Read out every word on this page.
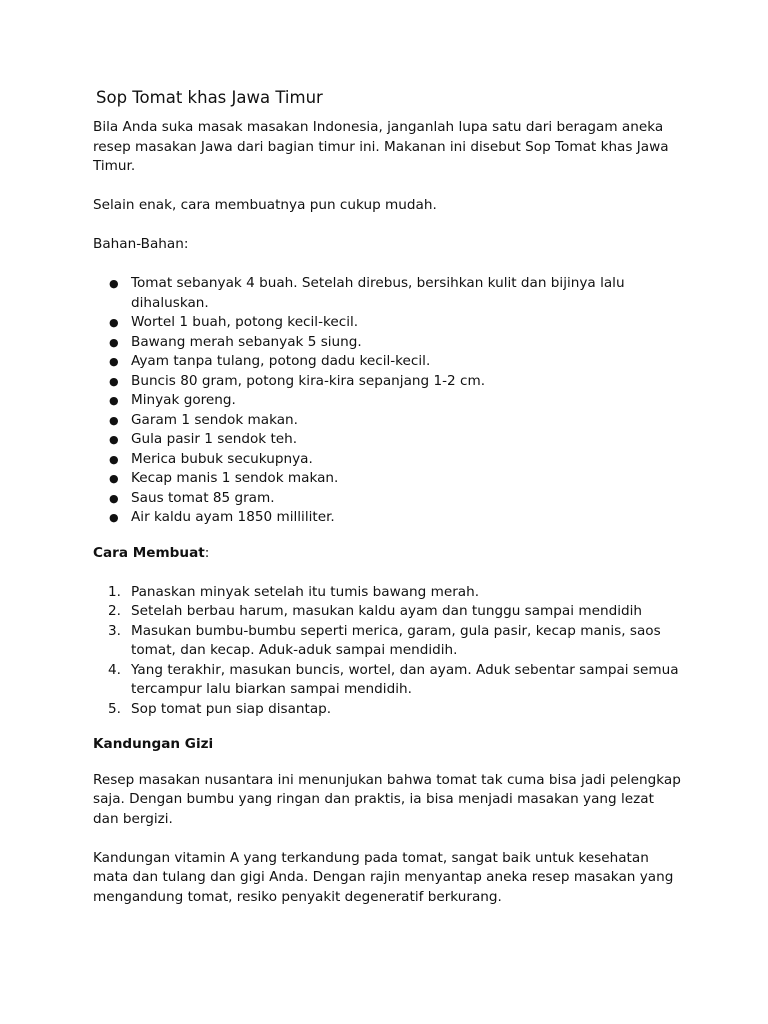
Sop Tomat khas Jawa Timur

Bila Anda suka masak masakan Indonesia, janganlah lupa satu dari beragam aneka resep masakan Jawa dari bagian timur ini. Makanan ini disebut Sop Tomat khas Jawa Timur.

Selain enak, cara membuatnya pun cukup mudah.

Bahan-Bahan:

● Tomat sebanyak 4 buah. Setelah direbus, bersihkan kulit dan bijinya lalu dihaluskan.
● Wortel 1 buah, potong kecil-kecil.
● Bawang merah sebanyak 5 siung.
● Ayam tanpa tulang, potong dadu kecil-kecil.
● Buncis 80 gram, potong kira-kira sepanjang 1-2 cm.
● Minyak goreng.
● Garam 1 sendok makan.
● Gula pasir 1 sendok teh.
● Merica bubuk secukupnya.
● Kecap manis 1 sendok makan.
● Saus tomat 85 gram.
● Air kaldu ayam 1850 milliliter.

Cara Membuat:

1. Panaskan minyak setelah itu tumis bawang merah.
2. Setelah berbau harum, masukan kaldu ayam dan tunggu sampai mendidih
3. Masukan bumbu-bumbu seperti merica, garam, gula pasir, kecap manis, saos tomat, dan kecap. Aduk-aduk sampai mendidih.
4. Yang terakhir, masukan buncis, wortel, dan ayam. Aduk sebentar sampai semua tercampur lalu biarkan sampai mendidih.
5. Sop tomat pun siap disantap.

Kandungan Gizi

Resep masakan nusantara ini menunjukan bahwa tomat tak cuma bisa jadi pelengkap saja. Dengan bumbu yang ringan dan praktis, ia bisa menjadi masakan yang lezat dan bergizi.

Kandungan vitamin A yang terkandung pada tomat, sangat baik untuk kesehatan mata dan tulang dan gigi Anda. Dengan rajin menyantap aneka resep masakan yang mengandung tomat, resiko penyakit degeneratif berkurang.
